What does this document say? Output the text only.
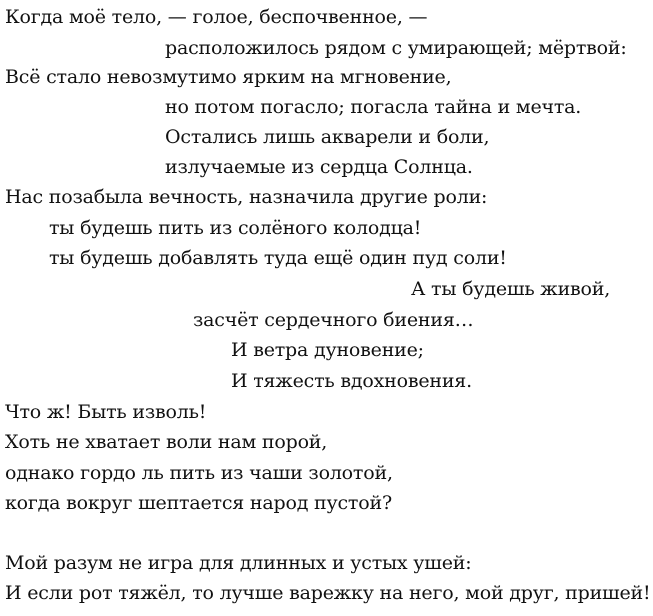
Когда моё тело, — голое, беспочвенное, —
расположилось рядом с умирающей; мёртвой:
Всё стало невозмутимо ярким на мгновение,
но потом погасло; погасла тайна и мечта.
Остались лишь акварели и боли,
излучаемые из сердца Солнца.
Нас позабыла вечность, назначила другие роли:
ты будешь пить из солёного колодца!
ты будешь добавлять туда ещё один пуд соли!
А ты будешь живой,
засчёт сердечного биения…
И ветра дуновение;
И тяжесть вдохновения.
Что ж! Быть изволь!
Хоть не хватает воли нам порой,
однако гордо ль пить из чаши золотой,
когда вокруг шептается народ пустой?
Мой разум не игра для длинных и устых ушей:
И если рот тяжёл, то лучше варежку на него, мой друг, пришей!
